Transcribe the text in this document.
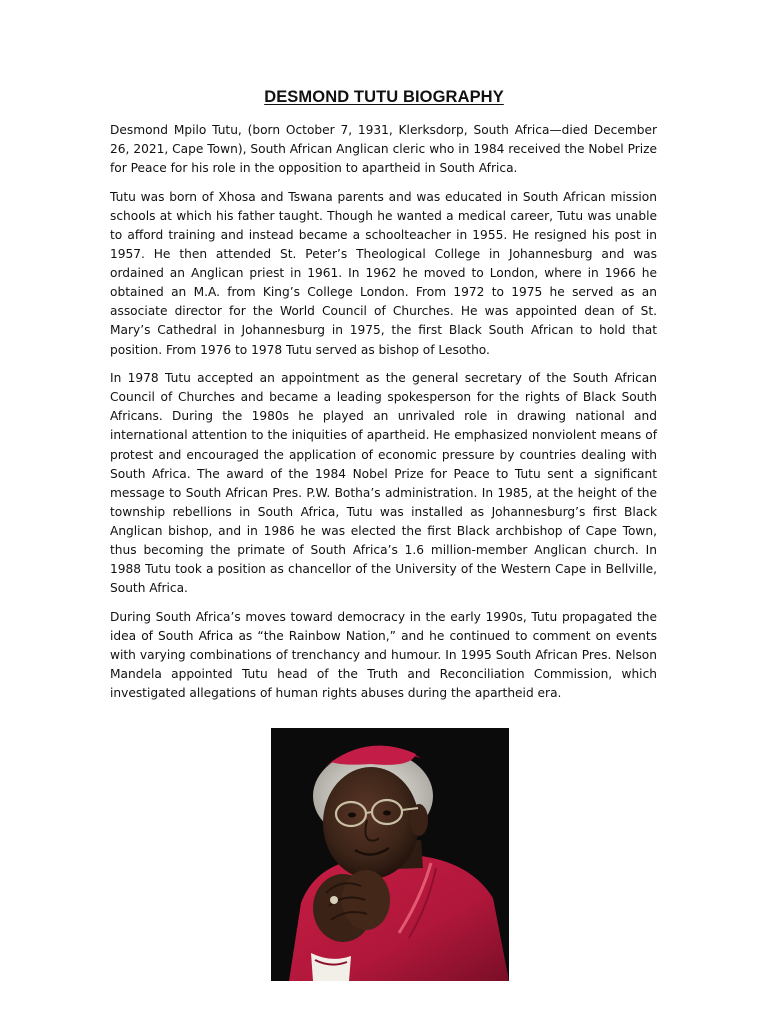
DESMOND TUTU BIOGRAPHY

Desmond Mpilo Tutu, (born October 7, 1931, Klerksdorp, South Africa—died December 26, 2021, Cape Town), South African Anglican cleric who in 1984 received the Nobel Prize for Peace for his role in the opposition to apartheid in South Africa.

Tutu was born of Xhosa and Tswana parents and was educated in South African mission schools at which his father taught. Though he wanted a medical career, Tutu was unable to afford training and instead became a schoolteacher in 1955. He resigned his post in 1957. He then attended St. Peter’s Theological College in Johannesburg and was ordained an Anglican priest in 1961. In 1962 he moved to London, where in 1966 he obtained an M.A. from King’s College London. From 1972 to 1975 he served as an associate director for the World Council of Churches. He was appointed dean of St. Mary’s Cathedral in Johannesburg in 1975, the first Black South African to hold that position. From 1976 to 1978 Tutu served as bishop of Lesotho.

In 1978 Tutu accepted an appointment as the general secretary of the South African Council of Churches and became a leading spokesperson for the rights of Black South Africans. During the 1980s he played an unrivaled role in drawing national and international attention to the iniquities of apartheid. He emphasized nonviolent means of protest and encouraged the application of economic pressure by countries dealing with South Africa. The award of the 1984 Nobel Prize for Peace to Tutu sent a significant message to South African Pres. P.W. Botha’s administration. In 1985, at the height of the township rebellions in South Africa, Tutu was installed as Johannesburg’s first Black Anglican bishop, and in 1986 he was elected the first Black archbishop of Cape Town, thus becoming the primate of South Africa’s 1.6 million-member Anglican church. In 1988 Tutu took a position as chancellor of the University of the Western Cape in Bellville, South Africa.

During South Africa’s moves toward democracy in the early 1990s, Tutu propagated the idea of South Africa as “the Rainbow Nation,” and he continued to comment on events with varying combinations of trenchancy and humour. In 1995 South African Pres. Nelson Mandela appointed Tutu head of the Truth and Reconciliation Commission, which investigated allegations of human rights abuses during the apartheid era.
